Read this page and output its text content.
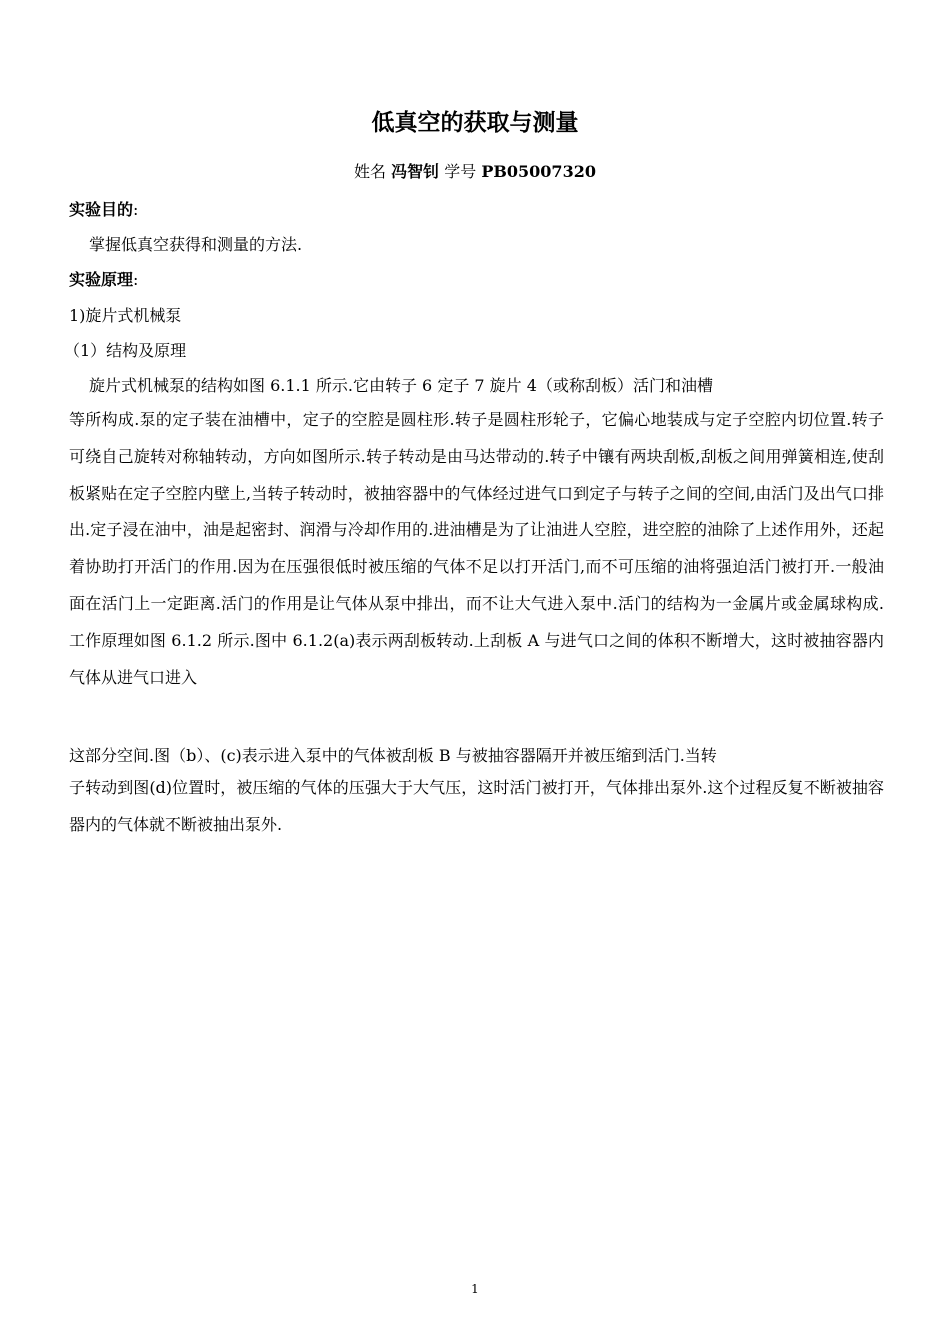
低真空的获取与测量
姓名 冯智钊 学号 PB05007320
实验目的:
掌握低真空获得和测量的方法.
实验原理:
1)旋片式机械泵
（1）结构及原理
旋片式机械泵的结构如图 6.1.1 所示.它由转子 6 定子 7 旋片 4（或称刮板）活门和油槽
等所构成.泵的定子装在油槽中，定子的空腔是圆柱形.转子是圆柱形轮子，它偏心地装成与定子空腔内切位置.转子可绕自己旋转对称轴转动，方向如图所示.转子转动是由马达带动的.转子中镶有两块刮板,刮板之间用弹簧相连,使刮板紧贴在定子空腔内壁上,当转子转动时，被抽容器中的气体经过进气口到定子与转子之间的空间,由活门及出气口排出.定子浸在油中，油是起密封、润滑与冷却作用的.进油槽是为了让油进人空腔，进空腔的油除了上述作用外，还起着协助打开活门的作用.因为在压强很低时被压缩的气体不足以打开活门,而不可压缩的油将强迫活门被打开.一般油面在活门上一定距离.活门的作用是让气体从泵中排出，而不让大气进入泵中.活门的结构为一金属片或金属球构成.工作原理如图 6.1.2 所示.图中 6.1.2(a)表示两刮板转动.上刮板 A 与进气口之间的体积不断增大，这时被抽容器内气体从进气口进入
这部分空间.图（b）、(c)表示进入泵中的气体被刮板 B 与被抽容器隔开并被压缩到活门.当转
子转动到图(d)位置时，被压缩的气体的压强大于大气压，这时活门被打开，气体排出泵外.这个过程反复不断被抽容器内的气体就不断被抽出泵外.
1
